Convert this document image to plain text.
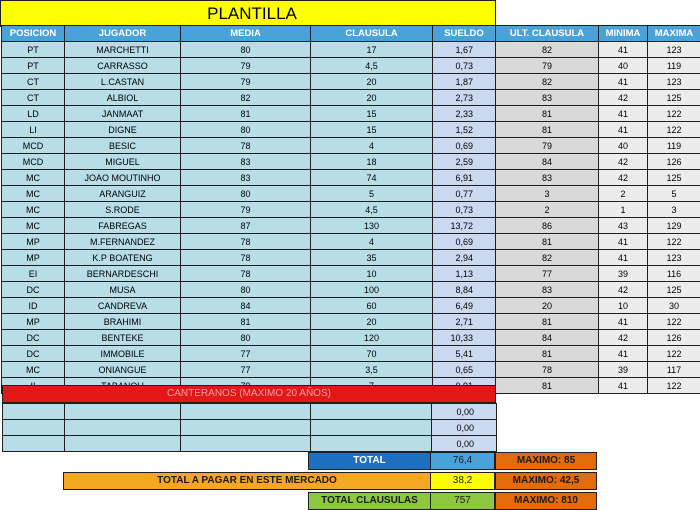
PLANTILLA
POSICION	JUGADOR	MEDIA	CLAUSULA	SUELDO	ULT. CLAUSULA	MINIMA	MAXIMA
PT	MARCHETTI	80	17	1,67	82	41	123
PT	CARRASSO	79	4,5	0,73	79	40	119
CT	L.CASTAN	79	20	1,87	82	41	123
CT	ALBIOL	82	20	2,73	83	42	125
LD	JANMAAT	81	15	2,33	81	41	122
LI	DIGNE	80	15	1,52	81	41	122
MCD	BESIC	78	4	0,69	79	40	119
MCD	MIGUEL	83	18	2,59	84	42	126
MC	JOAO MOUTINHO	83	74	6,91	83	42	125
MC	ARANGUIZ	80	5	0,77	3	2	5
MC	S.RODE	79	4,5	0,73	2	1	3
MC	FABREGAS	87	130	13,72	86	43	129
MP	M.FERNANDEZ	78	4	0,69	81	41	122
MP	K.P BOATENG	78	35	2,94	82	41	123
EI	BERNARDESCHI	78	10	1,13	77	39	116
DC	MUSA	80	100	8,84	83	42	125
ID	CANDREVA	84	60	6,49	20	10	30
MP	BRAHIMI	81	20	2,71	81	41	122
DC	BENTEKE	80	120	10,33	84	42	126
DC	IMMOBILE	77	70	5,41	81	41	122
MC	ONIANGUE	77	3,5	0,65	78	39	117
					81	41	122
CANTERANOS (MAXIMO 20 AÑOS)
				0,00
				0,00
				0,00
TOTAL	76,4	MAXIMO: 85
TOTAL A PAGAR EN ESTE MERCADO	38,2	MAXIMO: 42,5
TOTAL CLAUSULAS	757	MAXIMO: 810
